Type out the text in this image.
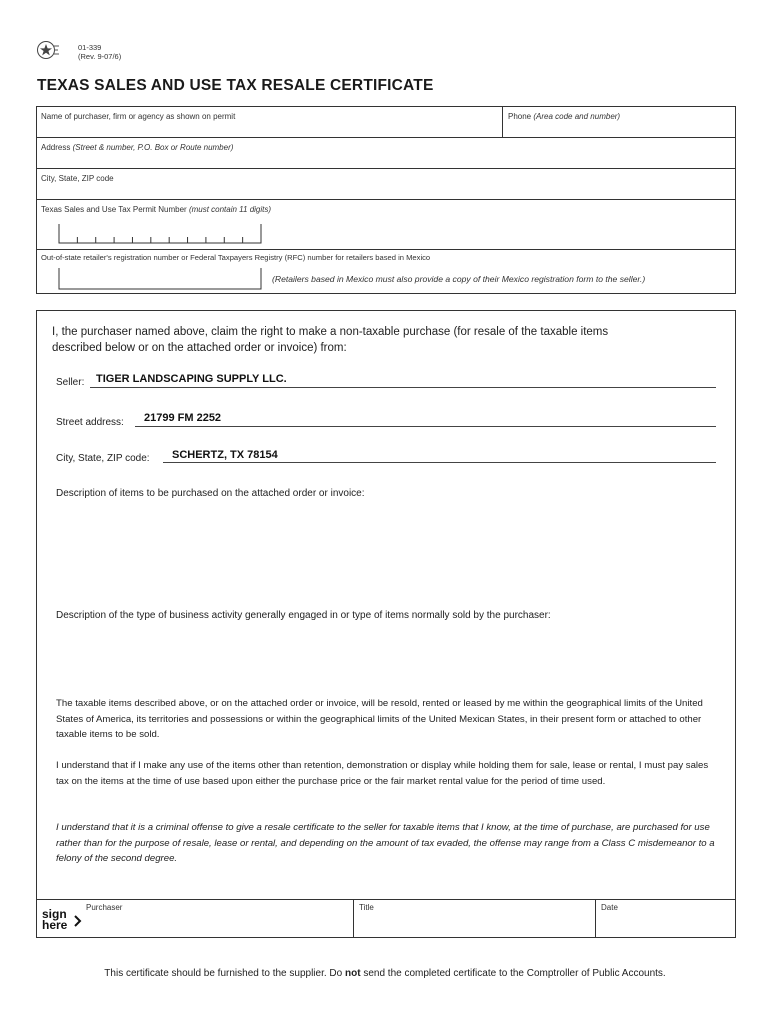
01-339
(Rev. 9-07/6)
TEXAS SALES AND USE TAX RESALE CERTIFICATE
Name of purchaser, firm or agency as shown on permit	Phone (Area code and number)
Address (Street & number, P.O. Box or Route number)
City, State, ZIP code
Texas Sales and Use Tax Permit Number (must contain 11 digits)
Out-of-state retailer's registration number or Federal Taxpayers Registry (RFC) number for retailers based in Mexico
(Retailers based in Mexico must also provide a copy of their Mexico registration form to the seller.)
I, the purchaser named above, claim the right to make a non-taxable purchase (for resale of the taxable items
described below or on the attached order or invoice) from:
Seller: TIGER LANDSCAPING SUPPLY LLC.
Street address: 21799 FM 2252
City, State, ZIP code: SCHERTZ, TX 78154
Description of items to be purchased on the attached order or invoice:
Description of the type of business activity generally engaged in or type of items normally sold by the purchaser:
The taxable items described above, or on the attached order or invoice, will be resold, rented or leased by me within the geographical limits of the United States of America, its territories and possessions or within the geographical limits of the United Mexican States, in their present form or attached to other taxable items to be sold.
I understand that if I make any use of the items other than retention, demonstration or display while holding them for sale, lease or rental, I must pay sales tax on the items at the time of use based upon either the purchase price or the fair market rental value for the period of time used.
I understand that it is a criminal offense to give a resale certificate to the seller for taxable items that I know, at the time of purchase, are purchased for use rather than for the purpose of resale, lease or rental, and depending on the amount of tax evaded, the offense may range from a Class C misdemeanor to a felony of the second degree.
sign
here
Purchaser	Title	Date
This certificate should be furnished to the supplier. Do not send the completed certificate to the Comptroller of Public Accounts.
